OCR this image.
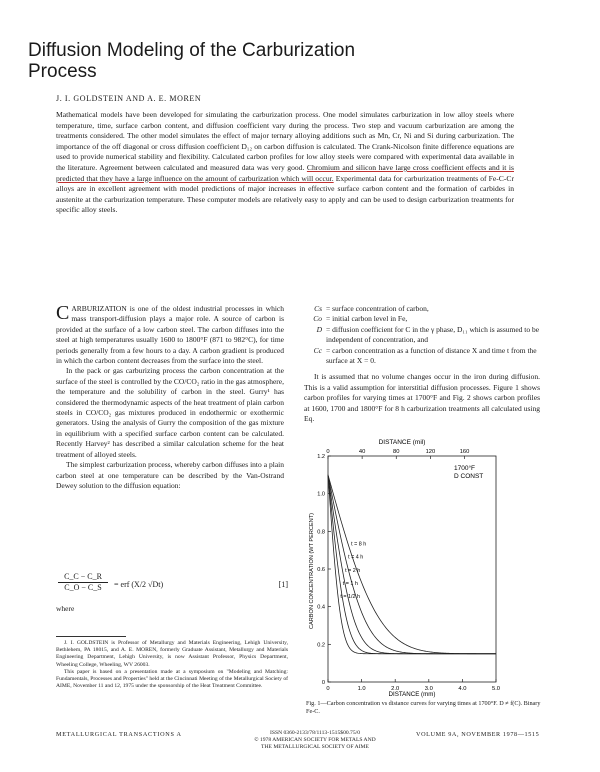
Diffusion Modeling of the Carburization Process
J. I. GOLDSTEIN AND A. E. MOREN

Mathematical models have been developed for simulating the carburization process. One model simulates carburization in low alloy steels where temperature, time, surface carbon content, and diffusion coefficient vary during the process. Two step and vacuum carburization are among the treatments considered. The other model simulates the effect of major ternary alloying additions such as Mn, Cr, Ni and Si during carburization. The importance of the off diagonal or cross diffusion coefficient D₁₂ on carbon diffusion is calculated. The Crank-Nicolson finite difference equations are used to provide numerical stability and flexibility. Calculated carbon profiles for low alloy steels were compared with experimental data available in the literature. Agreement between calculated and measured data was very good. Chromium and silicon have large cross coefficient effects and it is predicted that they have a large influence on the amount of carburization which will occur. Experimental data for carburization treatments of Fe-C-Cr alloys are in excellent agreement with model predictions of major increases in effective surface carbon content and the formation of carbides in austenite at the carburization temperature. These computer models are relatively easy to apply and can be used to design carburization treatments for specific alloy steels.

CARBURIZATION is one of the oldest industrial processes in which mass transport-diffusion plays a major role. A source of carbon is provided at the surface of a low carbon steel. The carbon diffuses into the steel at high temperatures usually 1600 to 1800°F (871 to 982°C), for time periods generally from a few hours to a day. A carbon gradient is produced in which the carbon content decreases from the surface into the steel.

In the pack or gas carburizing process the carbon concentration at the surface of the steel is controlled by the CO/CO₂ ratio in the gas atmosphere, the temperature and the solubility of carbon in the steel. Gurry¹ has considered the thermodynamic aspects of the heat treatment of plain carbon steels in CO/CO₂ gas mixtures produced in endothermic or exothermic generators. Using the analysis of Gurry the composition of the gas mixture in equilibrium with a specified surface carbon content can be calculated. Recently Harvey² has described a similar calculation scheme for the heat treatment of alloyed steels.

The simplest carburization process, whereby carbon diffuses into a plain carbon steel at one temperature can be described by the Van-Ostrand Dewey solution to the diffusion equation:

$\frac{C\_C - C\_R}{C\_O - C\_S}$ = erf (X/2 √Dt)	[1]
where

J. I. GOLDSTEIN is Professor of Metallurgy and Materials Engineering, Lehigh University, Bethlehem, PA 18015, and A. E. MOREN, formerly Graduate Assistant, Metallurgy and Materials Engineering Department, Lehigh University, is now Assistant Professor, Physics Department, Wheeling College, Wheeling, WV 26003.

This paper is based on a presentation made at a symposium on "Modeling and Matching: Fundamentals, Processes and Properties" held at the Cincinnati Meeting of the Metallurgical Society of AIME, November 11 and 12, 1975 under the sponsorship of the Heat Treatment Committee.

Cs = surface concentration of carbon,
Co = initial carbon level in Fe,
D = diffusion coefficient for C in the γ phase, D₁₁ which is assumed to be independent of concentration, and
Cc = carbon concentration as a function of distance X and time t from the surface at X = 0.

It is assumed that no volume changes occur in the iron during diffusion. This is a valid assumption for interstitial diffusion processes. Figure 1 shows carbon profiles for varying times at 1700°F and Fig. 2 shows carbon profiles at 1600, 1700 and 1800°F for 8 h carburization treatments all calculated using Eq.

DISTANCE (mil)
0	40	80	120	160
0
0.2
0.4
0.6
0.8
1.0
1.2
0	1.0	2.0	3.0	4.0	5.0
t = 8 h
t = 4 h
t = 2 h
t = 1 h
t = 1/2 h
1700°F
D CONST
CARBON CONCENTRATION (WT PERCENT)
DISTANCE (mm)
Fig. 1—Carbon concentration vs distance curves for varying times at 1700°F. D ≠ f(C). Binary Fe-C.
ISSN 0360-2133/78/1113-1515$00.75/0
© 1978 AMERICAN SOCIETY FOR METALS AND
THE METALLURGICAL SOCIETY OF AIME
METALLURGICAL TRANSACTIONS A	VOLUME 9A, NOVEMBER 1978—1515
